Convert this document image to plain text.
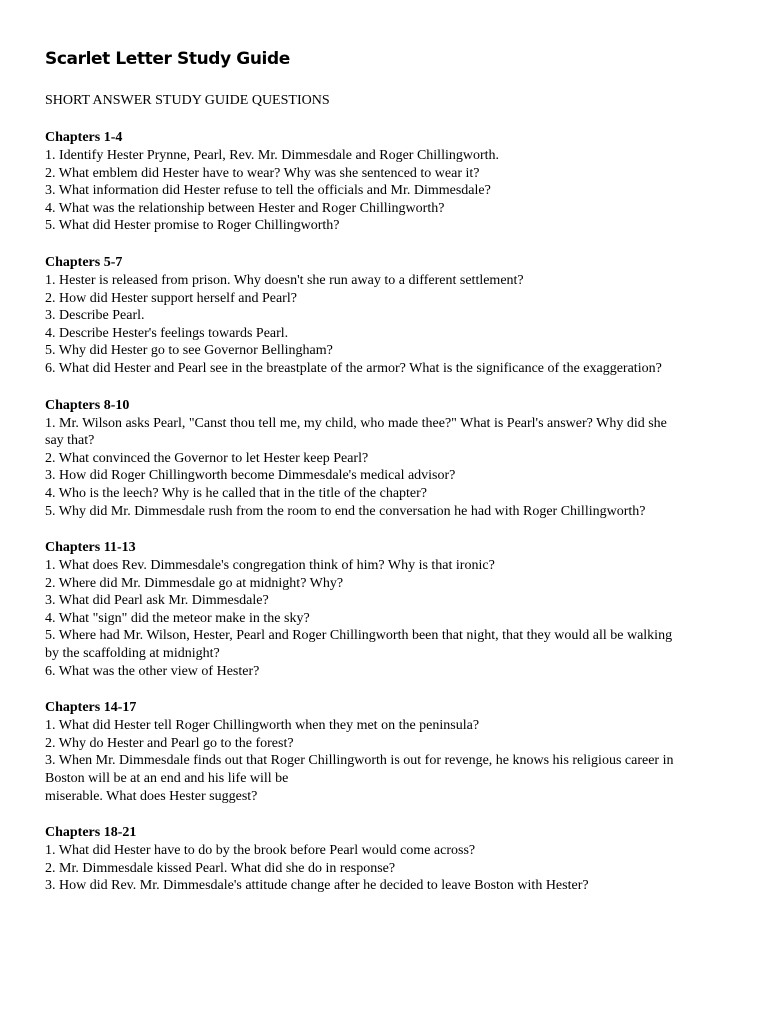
Scarlet Letter Study Guide
SHORT ANSWER STUDY GUIDE QUESTIONS
Chapters 1-4
1. Identify Hester Prynne, Pearl, Rev. Mr. Dimmesdale and Roger Chillingworth.
2. What emblem did Hester have to wear? Why was she sentenced to wear it?
3. What information did Hester refuse to tell the officials and Mr. Dimmesdale?
4. What was the relationship between Hester and Roger Chillingworth?
5. What did Hester promise to Roger Chillingworth?
Chapters 5-7
1. Hester is released from prison. Why doesn't she run away to a different settlement?
2. How did Hester support herself and Pearl?
3. Describe Pearl.
4. Describe Hester's feelings towards Pearl.
5. Why did Hester go to see Governor Bellingham?
6. What did Hester and Pearl see in the breastplate of the armor? What is the significance of the exaggeration?
Chapters 8-10
1. Mr. Wilson asks Pearl, "Canst thou tell me, my child, who made thee?" What is Pearl's answer? Why did she
say that?
2. What convinced the Governor to let Hester keep Pearl?
3. How did Roger Chillingworth become Dimmesdale's medical advisor?
4. Who is the leech? Why is he called that in the title of the chapter?
5. Why did Mr. Dimmesdale rush from the room to end the conversation he had with Roger Chillingworth?
Chapters 11-13
1. What does Rev. Dimmesdale's congregation think of him? Why is that ironic?
2. Where did Mr. Dimmesdale go at midnight? Why?
3. What did Pearl ask Mr. Dimmesdale?
4. What "sign" did the meteor make in the sky?
5. Where had Mr. Wilson, Hester, Pearl and Roger Chillingworth been that night, that they would all be walking
by the scaffolding at midnight?
6. What was the other view of Hester?
Chapters 14-17
1. What did Hester tell Roger Chillingworth when they met on the peninsula?
2. Why do Hester and Pearl go to the forest?
3. When Mr. Dimmesdale finds out that Roger Chillingworth is out for revenge, he knows his religious career in
Boston will be at an end and his life will be
miserable. What does Hester suggest?
Chapters 18-21
1. What did Hester have to do by the brook before Pearl would come across?
2. Mr. Dimmesdale kissed Pearl. What did she do in response?
3. How did Rev. Mr. Dimmesdale's attitude change after he decided to leave Boston with Hester?
